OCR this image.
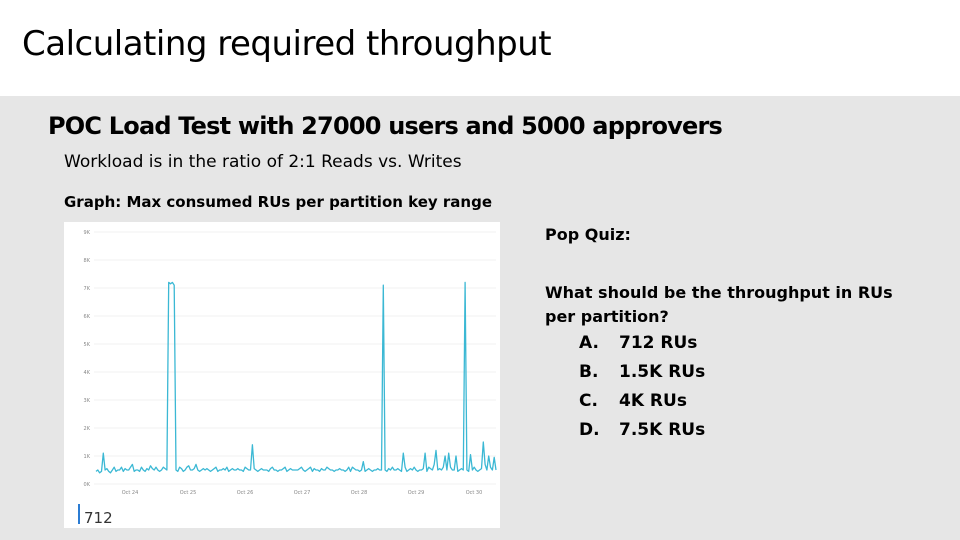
Calculating required throughput
POC Load Test with 27000 users and 5000 approvers
Workload is in the ratio of 2:1 Reads vs. Writes
Graph: Max consumed RUs per partition key range
0K
1K
2K
3K
4K
5K
6K
7K
8K
9K
Oct 24	Oct 25	Oct 26	Oct 27	Oct 28	Oct 29	Oct 30
712
Pop Quiz:
What should be the throughput in RUs per partition?
A. 712 RUs
B. 1.5K RUs
C. 4K RUs
D. 7.5K RUs
